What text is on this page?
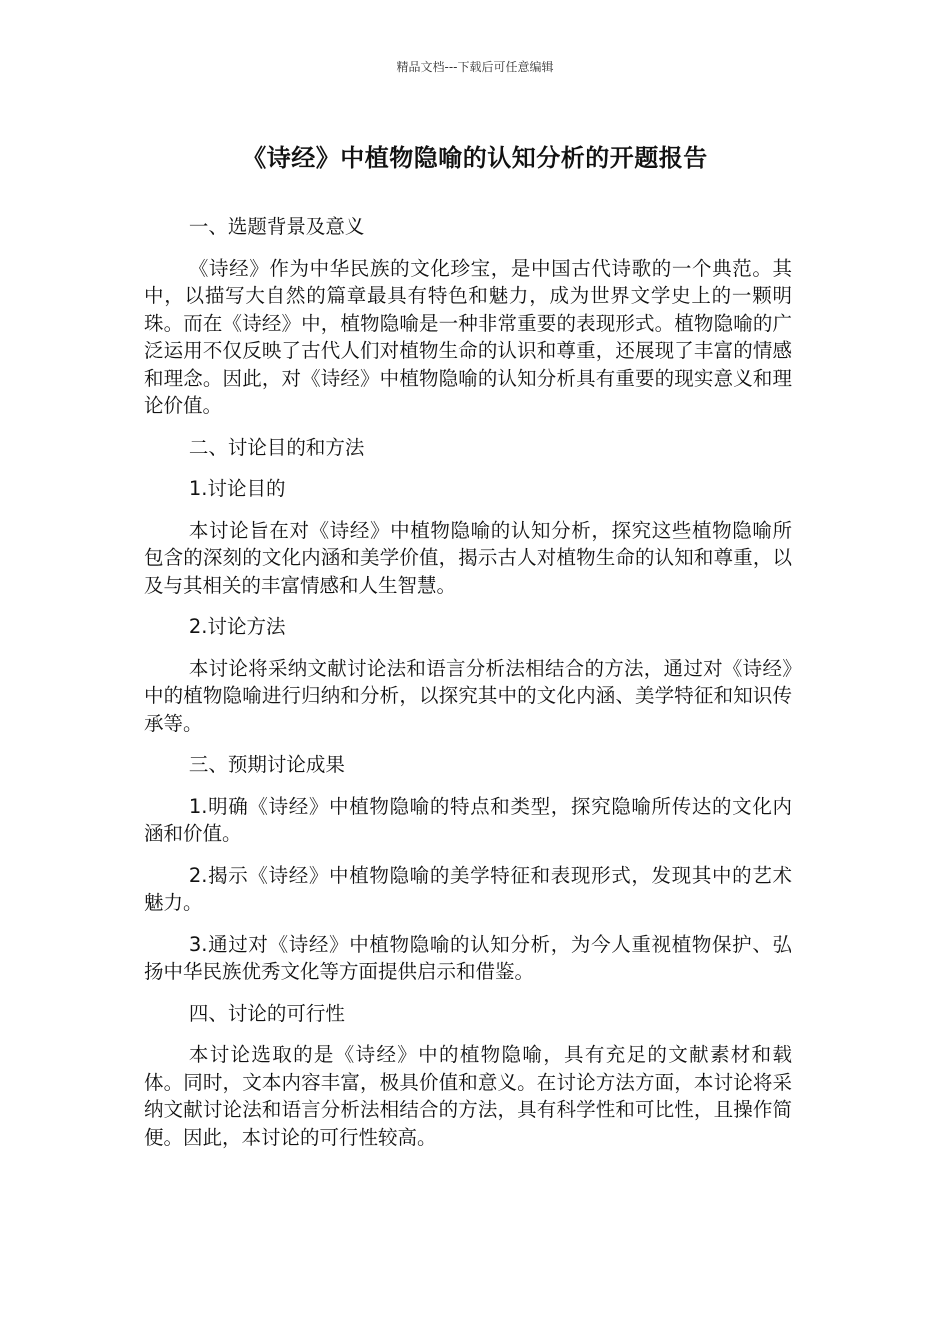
精品文档---下载后可任意编辑
《诗经》中植物隐喻的认知分析的开题报告

一、选题背景及意义

《诗经》作为中华民族的文化珍宝，是中国古代诗歌的一个典范。其中，以描写大自然的篇章最具有特色和魅力，成为世界文学史上的一颗明珠。而在《诗经》中，植物隐喻是一种非常重要的表现形式。植物隐喻的广泛运用不仅反映了古代人们对植物生命的认识和尊重，还展现了丰富的情感和理念。因此，对《诗经》中植物隐喻的认知分析具有重要的现实意义和理论价值。

二、讨论目的和方法

1.讨论目的

本讨论旨在对《诗经》中植物隐喻的认知分析，探究这些植物隐喻所包含的深刻的文化内涵和美学价值，揭示古人对植物生命的认知和尊重，以及与其相关的丰富情感和人生智慧。

2.讨论方法

本讨论将采纳文献讨论法和语言分析法相结合的方法，通过对《诗经》中的植物隐喻进行归纳和分析，以探究其中的文化内涵、美学特征和知识传承等。

三、预期讨论成果

1.明确《诗经》中植物隐喻的特点和类型，探究隐喻所传达的文化内涵和价值。

2.揭示《诗经》中植物隐喻的美学特征和表现形式，发现其中的艺术魅力。

3.通过对《诗经》中植物隐喻的认知分析，为今人重视植物保护、弘扬中华民族优秀文化等方面提供启示和借鉴。

四、讨论的可行性

本讨论选取的是《诗经》中的植物隐喻，具有充足的文献素材和载体。同时，文本内容丰富，极具价值和意义。在讨论方法方面，本讨论将采纳文献讨论法和语言分析法相结合的方法，具有科学性和可比性，且操作简便。因此，本讨论的可行性较高。
